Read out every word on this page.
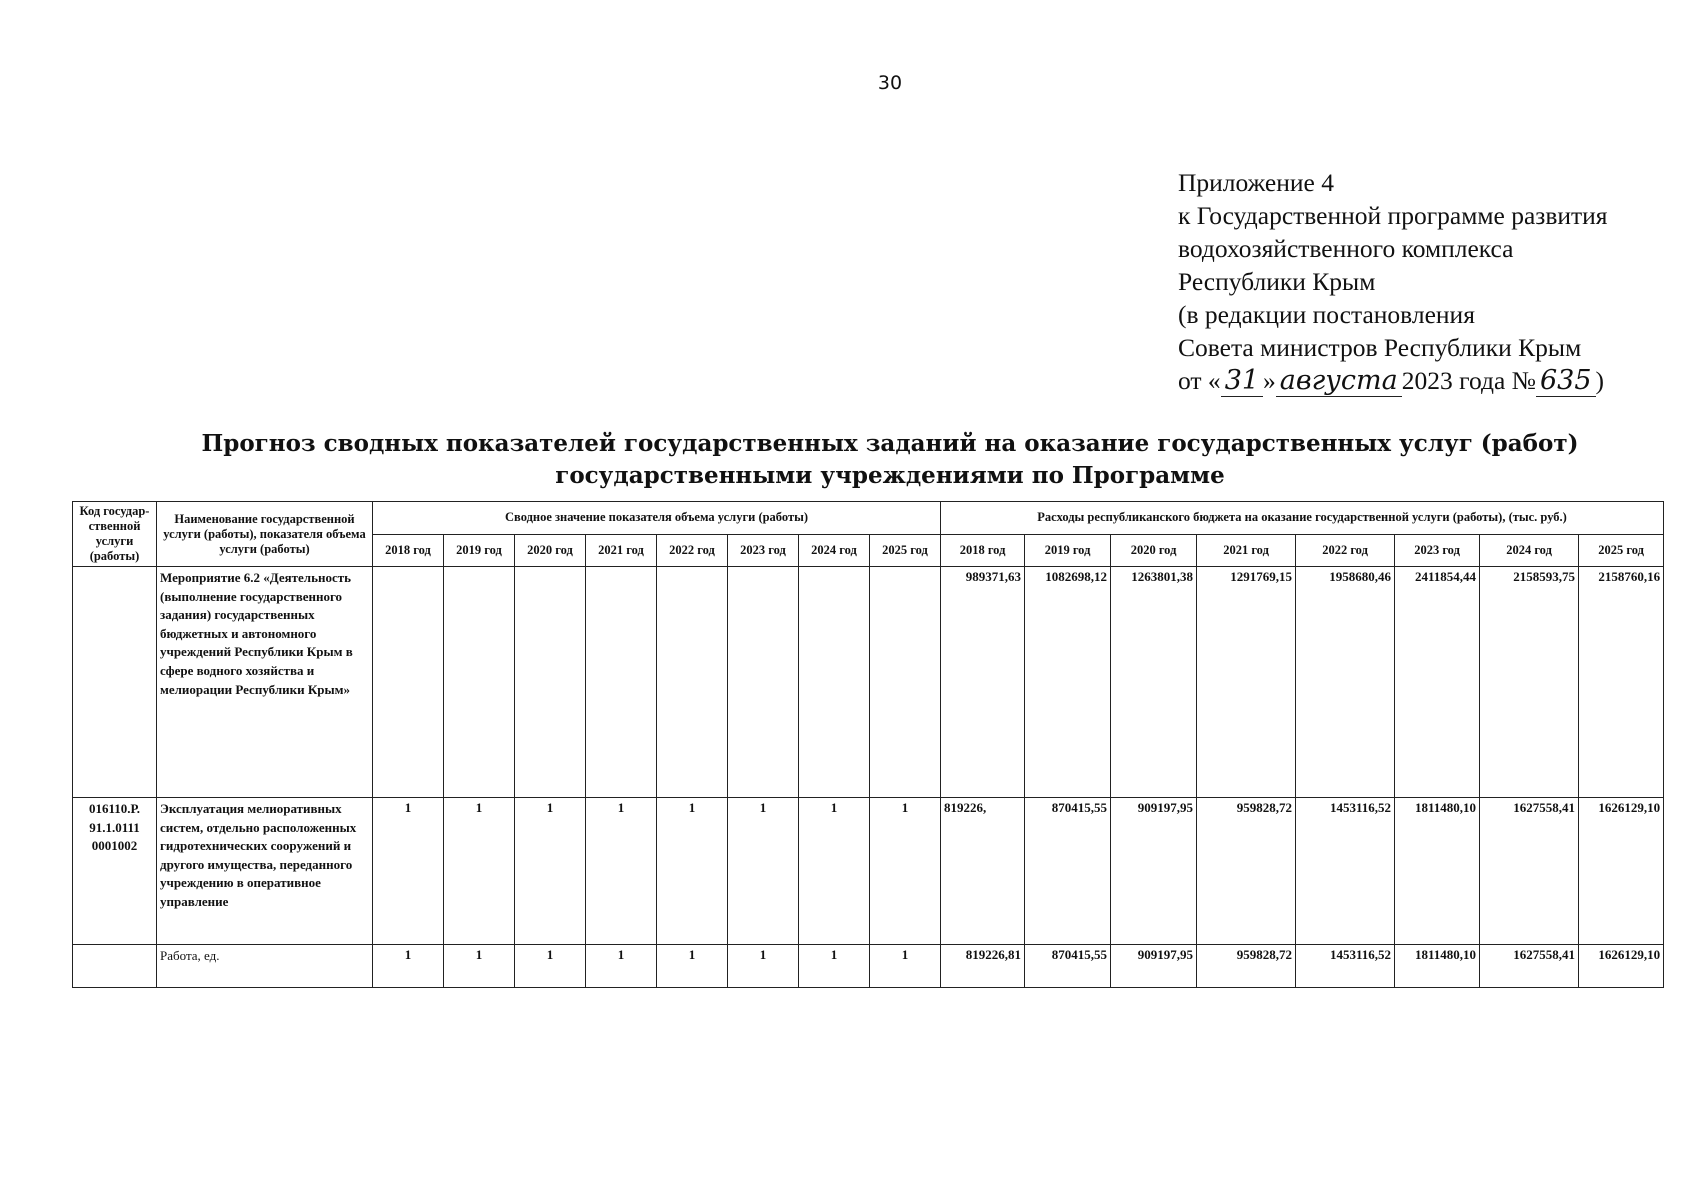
30
Приложение 4
к Государственной программе развития
водохозяйственного комплекса
Республики Крым
(в редакции постановления
Совета министров Республики Крым
от « 31 » августа 2023 года № 635 )
Прогноз сводных показателей государственных заданий на оказание государственных услуг (работ)
государственными учреждениями по Программе
Код государ-ственной услуги (работы)	Наименование государственной услуги (работы), показателя объема услуги (работы)	Сводное значение показателя объема услуги (работы)								Расходы республиканского бюджета на оказание государственной услуги (работы), (тыс. руб.)							
		2018 год	2019 год	2020 год	2021 год	2022 год	2023 год	2024 год	2025 год	2018 год	2019 год	2020 год	2021 год	2022 год	2023 год	2024 год	2025 год
	Мероприятие 6.2 «Деятельность (выполнение государственного задания) государственных бюджетных и автономного учреждений Республики Крым в сфере водного хозяйства и мелиорации Республики Крым»									989371,63	1082698,12	1263801,38	1291769,15	1958680,46	2411854,44	2158593,75	2158760,16
016110.Р. 91.1.0111 0001002	Эксплуатация мелиоративных систем, отдельно расположенных гидротехнических сооружений и другого имущества, переданного учреждению в оперативное управление	1	1	1	1	1	1	1	1	819226,	870415,55	909197,95	959828,72	1453116,52	1811480,10	1627558,41	1626129,10
	Работа, ед.	1	1	1	1	1	1	1	1	819226,81	870415,55	909197,95	959828,72	1453116,52	1811480,10	1627558,41	1626129,10
